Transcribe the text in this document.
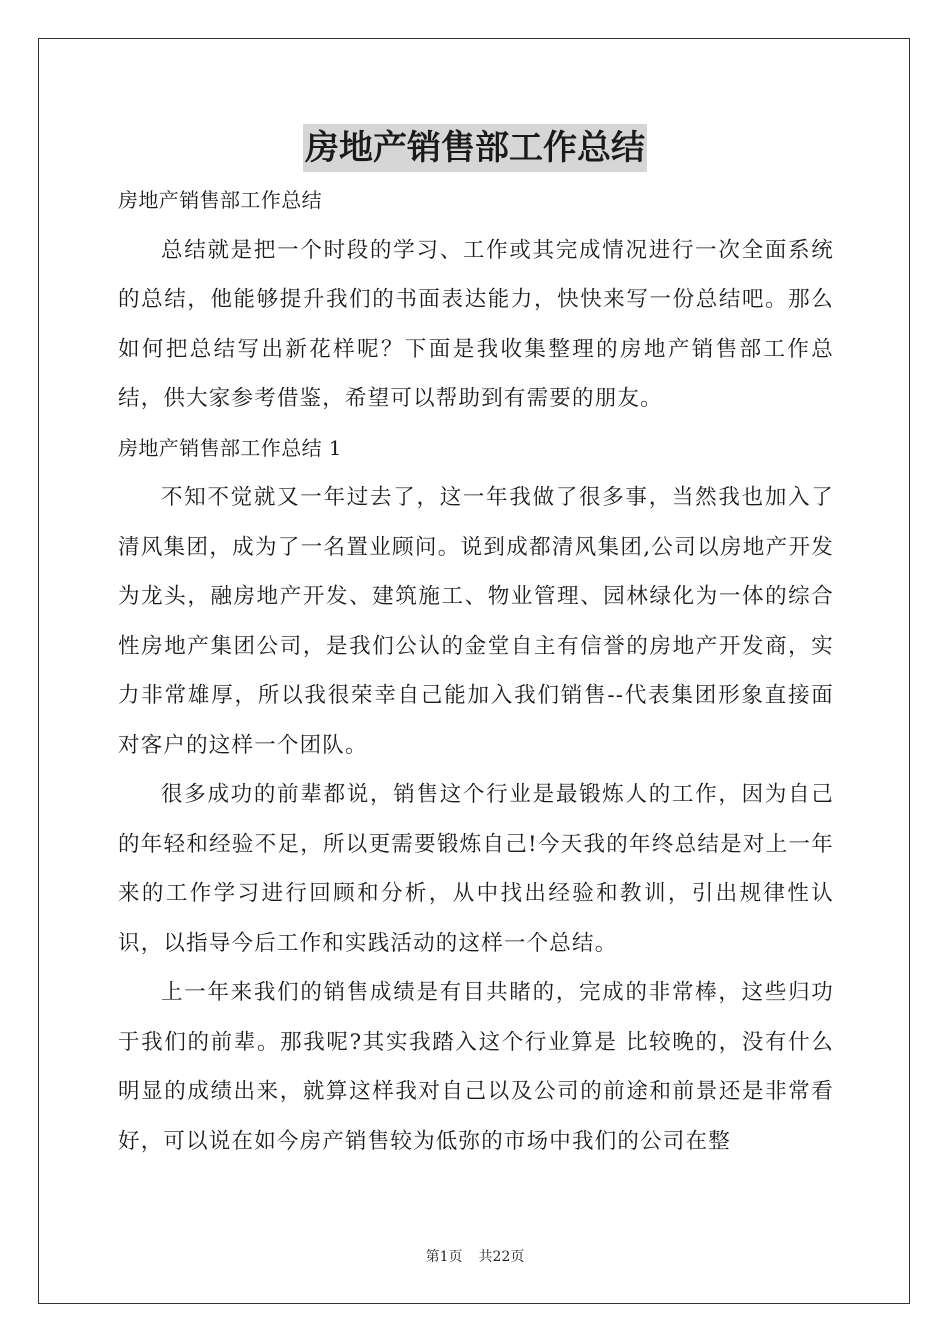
房地产销售部工作总结

房地产销售部工作总结

总结就是把一个时段的学习、工作或其完成情况进行一次全面系统的总结，他能够提升我们的书面表达能力，快快来写一份总结吧。那么如何把总结写出新花样呢？下面是我收集整理的房地产销售部工作总结，供大家参考借鉴，希望可以帮助到有需要的朋友。

房地产销售部工作总结 1

不知不觉就又一年过去了，这一年我做了很多事，当然我也加入了清风集团，成为了一名置业顾问。说到成都清风集团,公司以房地产开发为龙头，融房地产开发、建筑施工、物业管理、园林绿化为一体的综合性房地产集团公司，是我们公认的金堂自主有信誉的房地产开发商，实力非常雄厚，所以我很荣幸自己能加入我们销售--代表集团形象直接面对客户的这样一个团队。

很多成功的前辈都说，销售这个行业是最锻炼人的工作，因为自己的年轻和经验不足，所以更需要锻炼自己!今天我的年终总结是对上一年来的工作学习进行回顾和分析，从中找出经验和教训，引出规律性认识，以指导今后工作和实践活动的这样一个总结。

上一年来我们的销售成绩是有目共睹的，完成的非常棒，这些归功于我们的前辈。那我呢?其实我踏入这个行业算是 比较晚的，没有什么明显的成绩出来，就算这样我对自己以及公司的前途和前景还是非常看好，可以说在如今房产销售较为低弥的市场中我们的公司在整

第1页 共22页
